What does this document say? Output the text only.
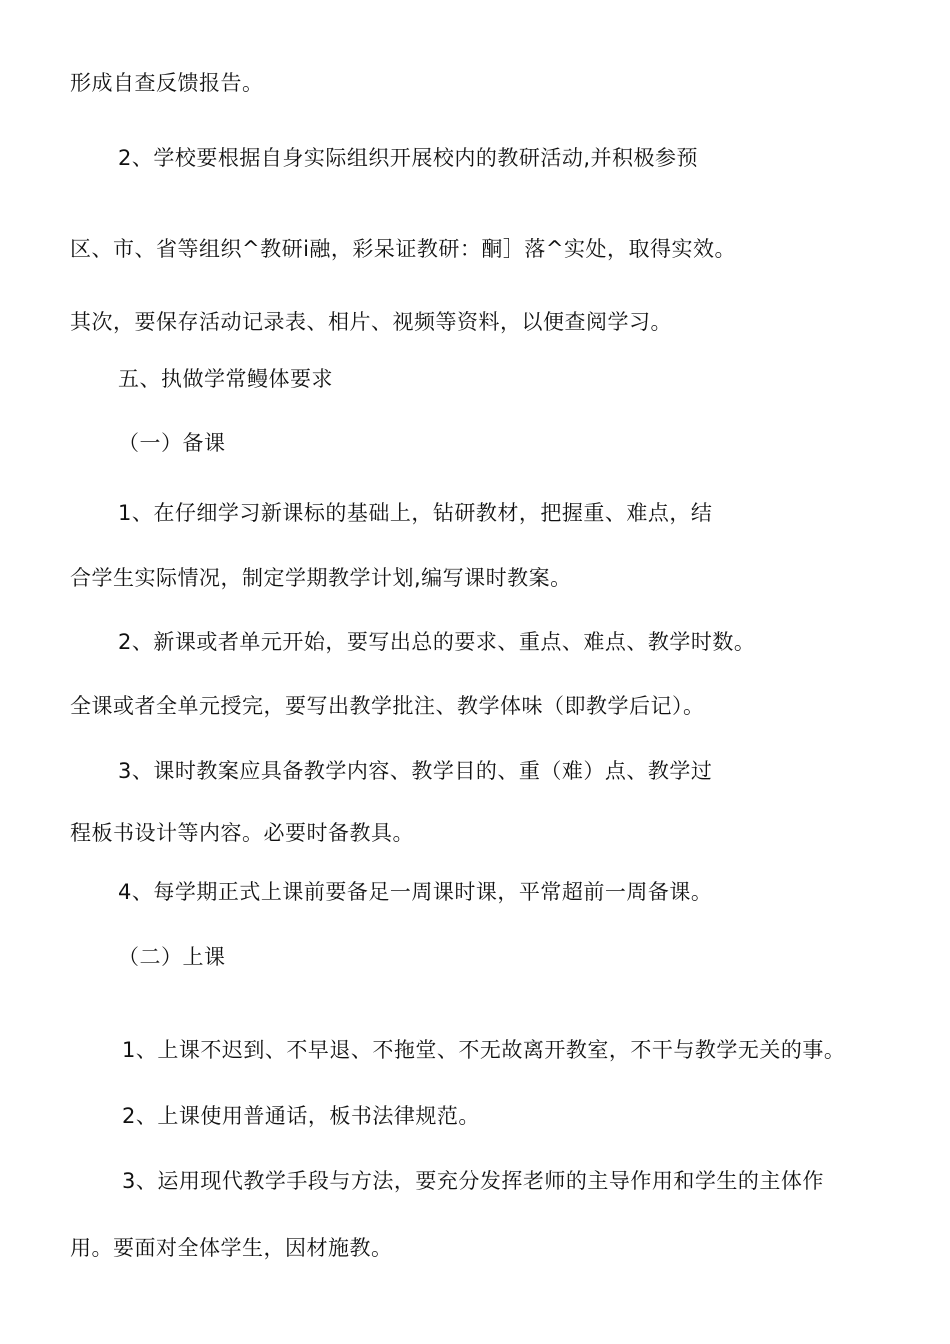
形成自查反馈报告。
2、学校要根据自身实际组织开展校内的教研活动,并积极参预
区、市、省等组织^教研i融，彩呆证教研：酮］落^实处，取得实效。
其次，要保存活动记录表、相片、视频等资料，以便查阅学习。
五、执做学常鳗体要求
（一）备课
1、在仔细学习新课标的基础上，钻研教材，把握重、难点，结
合学生实际情况，制定学期教学计划,编写课时教案。
2、新课或者单元开始，要写出总的要求、重点、难点、教学时数。
全课或者全单元授完，要写出教学批注、教学体味（即教学后记）。
3、课时教案应具备教学内容、教学目的、重（难）点、教学过
程板书设计等内容。必要时备教具。
4、每学期正式上课前要备足一周课时课，平常超前一周备课。
（二）上课
1、上课不迟到、不早退、不拖堂、不无故离开教室，不干与教学无关的事。
2、上课使用普通话，板书法律规范。
3、运用现代教学手段与方法，要充分发挥老师的主导作用和学生的主体作
用。要面对全体学生，因材施教。
